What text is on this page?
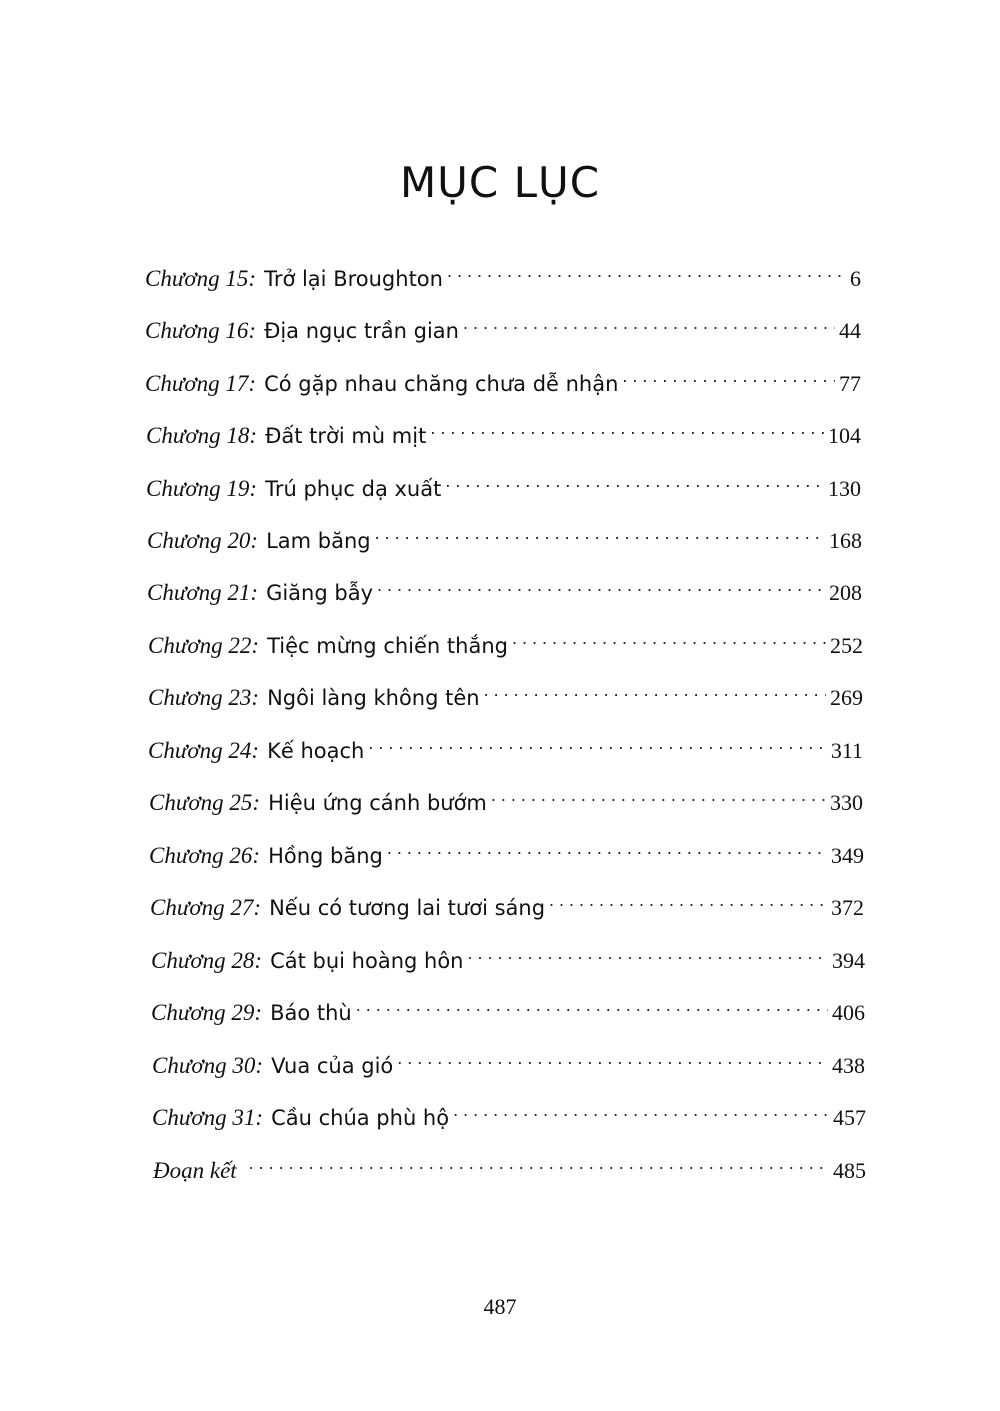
MỤC LỤC
Chương 15: Trở lại Broughton . . .	6
Chương 16: Địa ngục trần gian . . .	44
Chương 17: Có gặp nhau chăng chưa dễ nhận . . .	77
Chương 18: Đất trời mù mịt . . .	104
Chương 19: Trú phục dạ xuất . . .	130
Chương 20: Lam băng . . .	168
Chương 21: Giăng bẫy . . .	208
Chương 22: Tiệc mừng chiến thắng . . .	252
Chương 23: Ngôi làng không tên . . .	269
Chương 24: Kế hoạch . . .	311
Chương 25: Hiệu ứng cánh bướm . . .	330
Chương 26: Hồng băng . . .	349
Chương 27: Nếu có tương lai tươi sáng . . .	372
Chương 28: Cát bụi hoàng hôn . . .	394
Chương 29: Báo thù . . .	406
Chương 30: Vua của gió . . .	438
Chương 31: Cầu chúa phù hộ . . .	457
Đoạn kết . . .	485
487
